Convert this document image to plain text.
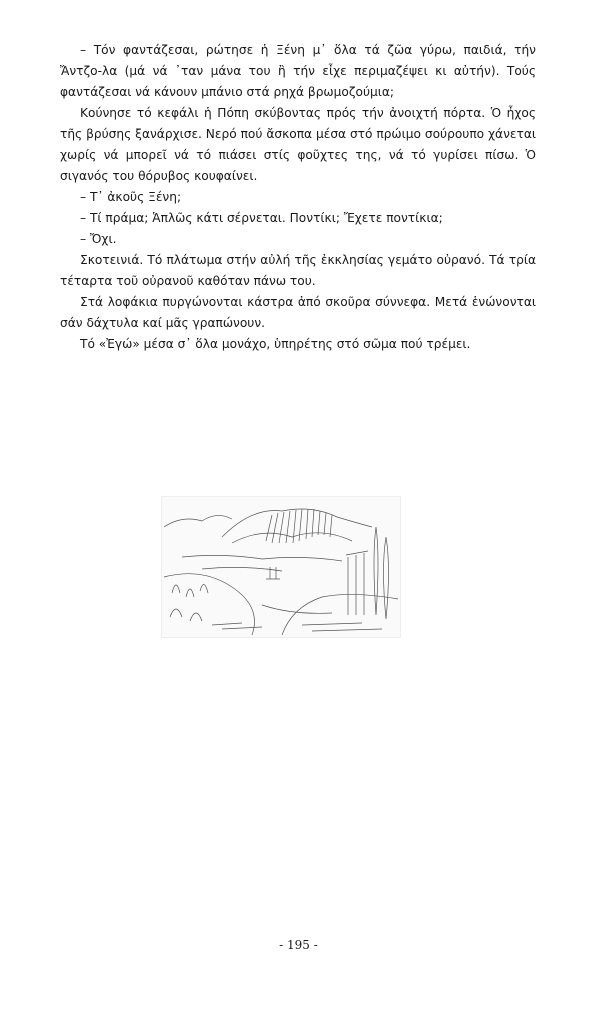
– Τόν φαντάζεσαι, ρώτησε ἡ Ξένη μ᾽ ὅλα τά ζῶα γύρω, παιδιά, τήν Ἄντζο-λα (μά νά ᾽ταν μάνα του ἢ τήν εἶχε περιμαζέψει κι αὐτήν). Τούς φαντάζεσαι νά κάνουν μπάνιο στά ρηχά βρωμοζούμια;

Κούνησε τό κεφάλι ἡ Πόπη σκύβοντας πρός τήν ἀνοιχτή πόρτα. Ὁ ἦχος τῆς βρύσης ξανάρχισε. Νερό πού ἄσκοπα μέσα στό πρώιμο σούρουπο χάνεται χωρίς νά μπορεῖ νά τό πιάσει στίς φοῦχτες της, νά τό γυρίσει πίσω. Ὁ σιγανός του θόρυβος κουφαίνει.

– Τ᾽ ἀκοῦς Ξένη;

– Τί πράμα; Ἁπλῶς κάτι σέρνεται. Ποντίκι; Ἔχετε ποντίκια;

– Ὄχι.

Σκοτεινιά. Τό πλάτωμα στήν αὐλή τῆς ἐκκλησίας γεμάτο οὐρανό. Τά τρία τέταρτα τοῦ οὐρανοῦ καθόταν πάνω του.

Στά λοφάκια πυργώνονται κάστρα ἀπό σκοῦρα σύννεφα. Μετά ἑνώνονται σάν δάχτυλα καί μᾶς γραπώνουν.

Τό «Ἐγώ» μέσα σ᾽ ὅλα μονάχο, ὑπηρέτης στό σῶμα πού τρέμει.

- 195 -
